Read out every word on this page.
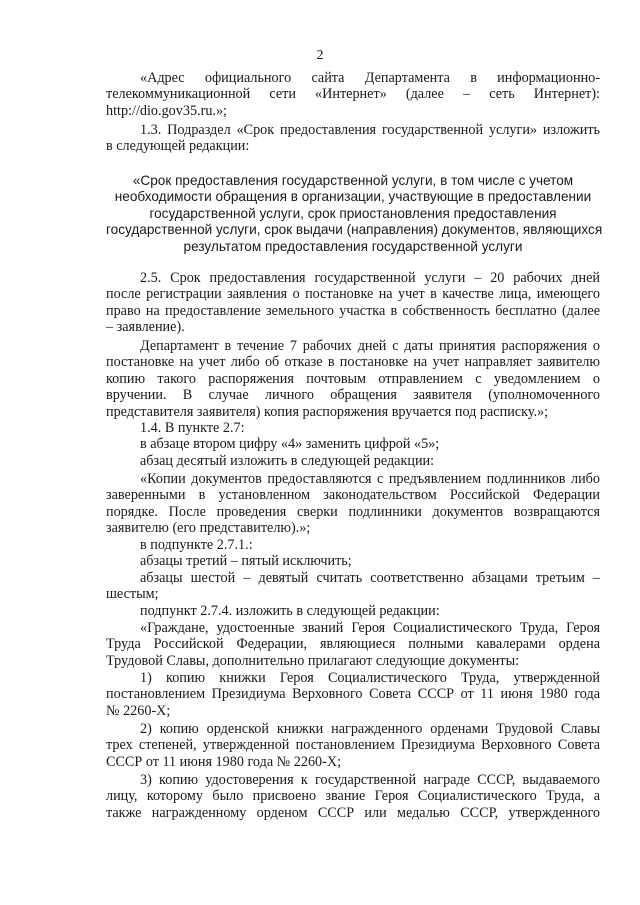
2
«Адрес официального сайта Департамента в информационно-
телекоммуникационной сети «Интернет» (далее – сеть Интернет):
http://dio.gov35.ru.»;
1.3. Подраздел «Срок предоставления государственной услуги» изложить
в следующей редакции:
«Срок предоставления государственной услуги, в том числе с учетом
необходимости обращения в организации, участвующие в предоставлении
государственной услуги, срок приостановления предоставления
государственной услуги, срок выдачи (направления) документов, являющихся
результатом предоставления государственной услуги
2.5. Срок предоставления государственной услуги – 20 рабочих дней
после регистрации заявления о постановке на учет в качестве лица, имеющего
право на предоставление земельного участка в собственность бесплатно (далее
– заявление).
Департамент в течение 7 рабочих дней с даты принятия распоряжения о
постановке на учет либо об отказе в постановке на учет направляет заявителю
копию такого распоряжения почтовым отправлением с уведомлением о
вручении. В случае личного обращения заявителя (уполномоченного
представителя заявителя) копия распоряжения вручается под расписку.»;
1.4. В пункте 2.7:
в абзаце втором цифру «4» заменить цифрой «5»;
абзац десятый изложить в следующей редакции:
«Копии документов предоставляются с предъявлением подлинников либо
заверенными в установленном законодательством Российской Федерации
порядке. После проведения сверки подлинники документов возвращаются
заявителю (его представителю).»;
в подпункте 2.7.1.:
абзацы третий – пятый исключить;
абзацы шестой – девятый считать соответственно абзацами третьим –
шестым;
подпункт 2.7.4. изложить в следующей редакции:
«Граждане, удостоенные званий Героя Социалистического Труда, Героя
Труда Российской Федерации, являющиеся полными кавалерами ордена
Трудовой Славы, дополнительно прилагают следующие документы:
1) копию книжки Героя Социалистического Труда, утвержденной
постановлением Президиума Верховного Совета СССР от 11 июня 1980 года
№ 2260-Х;
2) копию орденской книжки награжденного орденами Трудовой Славы
трех степеней, утвержденной постановлением Президиума Верховного Совета
СССР от 11 июня 1980 года № 2260-Х;
3) копию удостоверения к государственной награде СССР, выдаваемого
лицу, которому было присвоено звание Героя Социалистического Труда, а
также награжденному орденом СССР или медалью СССР, утвержденного
